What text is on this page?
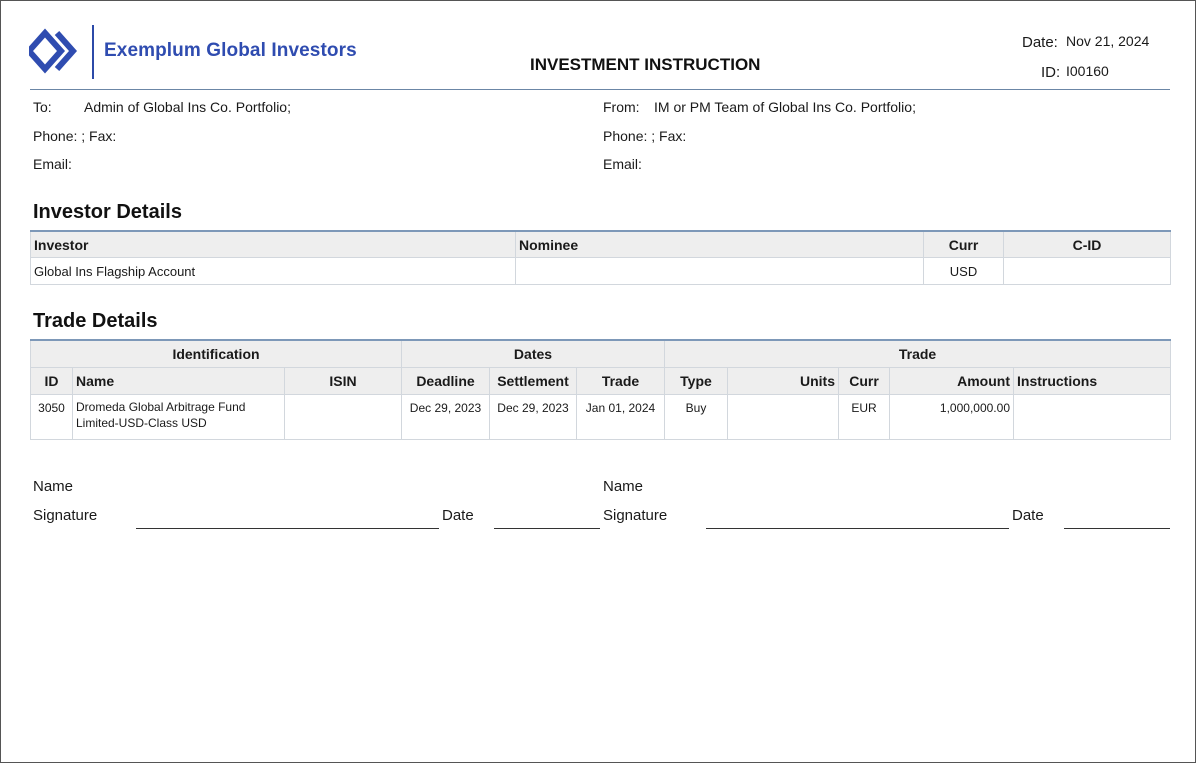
Exemplum Global Investors
INVESTMENT INSTRUCTION
Date: Nov 21, 2024
ID: I00160
To: Admin of Global Ins Co. Portfolio;
Phone: ; Fax:
Email:
From: IM or PM Team of Global Ins Co. Portfolio;
Phone: ; Fax:
Email:
Investor Details
Investor	Nominee	Curr	C-ID
Global Ins Flagship Account		USD	
Trade Details
Identification			Dates			Trade				
ID	Name	ISIN	Deadline	Settlement	Trade	Type	Units	Curr	Amount	Instructions
3050	Dromeda Global Arbitrage Fund Limited-USD-Class USD		Dec 29, 2023	Dec 29, 2023	Jan 01, 2024	Buy		EUR	1,000,000.00	
Name
Signature	Date
Name
Signature	Date
